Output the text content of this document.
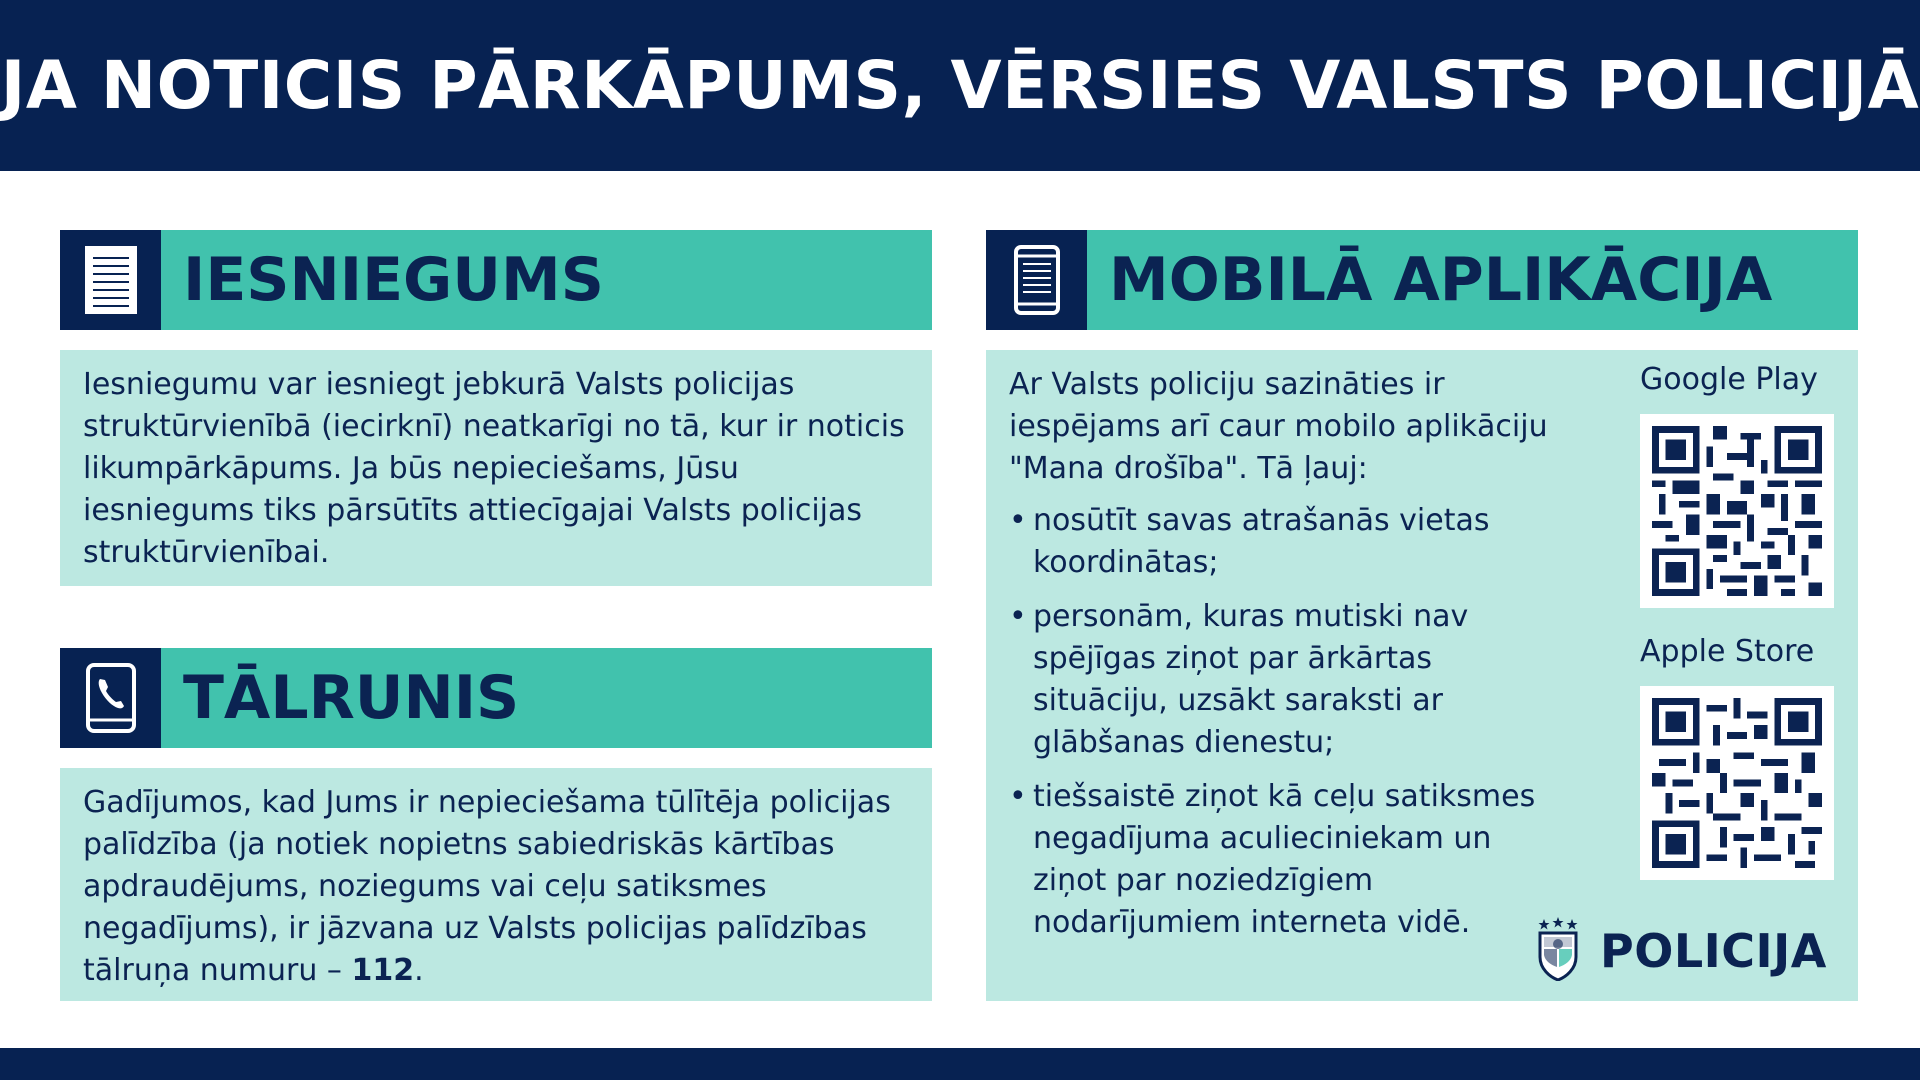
JA NOTICIS PĀRKĀPUMS, VĒRSIES VALSTS POLICIJĀ
IESNIEGUMS

Iesniegumu var iesniegt jebkurā Valsts policijas struktūrvienībā (iecirknī) neatkarīgi no tā, kur ir noticis likumpārkāpums. Ja būs nepieciešams, Jūsu iesniegums tiks pārsūtīts attiecīgajai Valsts policijas struktūrvienībai.

TĀLRUNIS

Gadījumos, kad Jums ir nepieciešama tūlītēja policijas palīdzība (ja notiek nopietns sabiedriskās kārtības apdraudējums, noziegums vai ceļu satiksmes negadījums), ir jāzvana uz Valsts policijas palīdzības tālruņa numuru – 112.

MOBILĀ APLIKĀCIJA

Ar Valsts policiju sazināties ir iespējams arī caur mobilo aplikāciju "Mana drošība". Tā ļauj:

• nosūtīt savas atrašanās vietas koordinātas;
• personām, kuras mutiski nav spējīgas ziņot par ārkārtas situāciju, uzsākt saraksti ar glābšanas dienestu;
• tiešsaistē ziņot kā ceļu satiksmes negadījuma aculieciniekam un ziņot par noziedzīgiem nodarījumiem interneta vidē.
Google Play
Apple Store
POLICIJA
